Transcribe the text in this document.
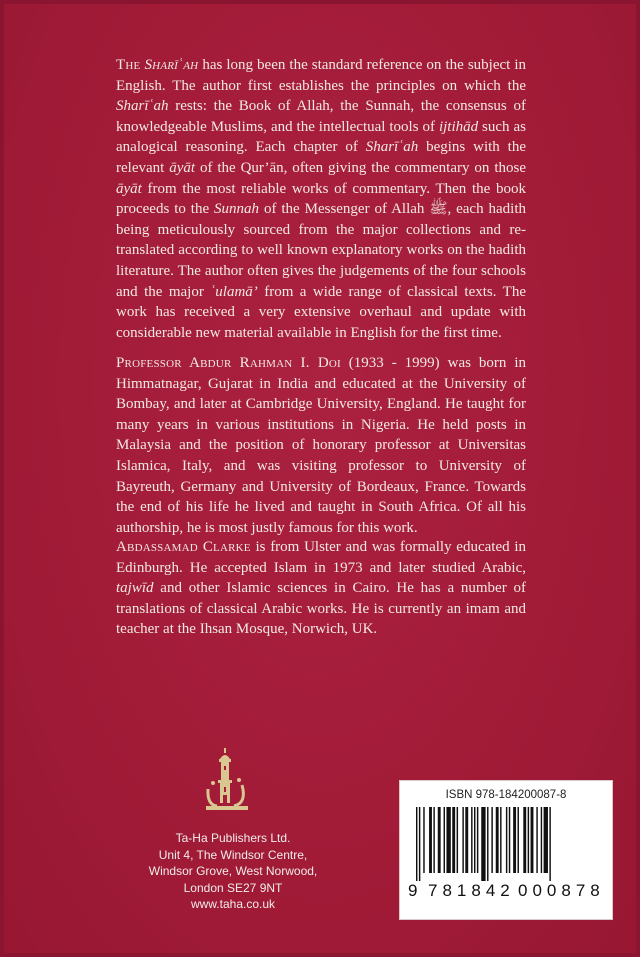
The Sharīʿah has long been the standard reference on the subject in English. The author first establishes the principles on which the Sharīʿah rests: the Book of Allah, the Sunnah, the consensus of knowledgeable Muslims, and the intellectual tools of ijtihād such as analogical reasoning. Each chapter of Sharīʿah begins with the relevant āyāt of the Qur’ān, often giving the commentary on those āyāt from the most reliable works of commentary. Then the book proceeds to the Sunnah of the Messenger of Allah ﷺ, each hadith being meticulously sourced from the major collections and re-translated according to well known explanatory works on the hadith literature. The author often gives the judgements of the four schools and the major ʿulamā’ from a wide range of classical texts. The work has received a very extensive overhaul and update with considerable new material available in English for the first time.

Professor Abdur Rahman I. Doi (1933 - 1999) was born in Himmatnagar, Gujarat in India and educated at the University of Bombay, and later at Cambridge University, England. He taught for many years in various institutions in Nigeria. He held posts in Malaysia and the position of honorary professor at Universitas Islamica, Italy, and was visiting professor to University of Bayreuth, Germany and University of Bordeaux, France. Towards the end of his life he lived and taught in South Africa. Of all his authorship, he is most justly famous for this work.

Abdassamad Clarke is from Ulster and was formally educated in Edinburgh. He accepted Islam in 1973 and later studied Arabic, tajwīd and other Islamic sciences in Cairo. He has a number of translations of classical Arabic works. He is currently an imam and teacher at the Ihsan Mosque, Norwich, UK.

Ta-Ha Publishers Ltd.
Unit 4, The Windsor Centre,
Windsor Grove, West Norwood,
London SE27 9NT
www.taha.co.uk
ISBN 978-184200087-8
9 781842 000878
